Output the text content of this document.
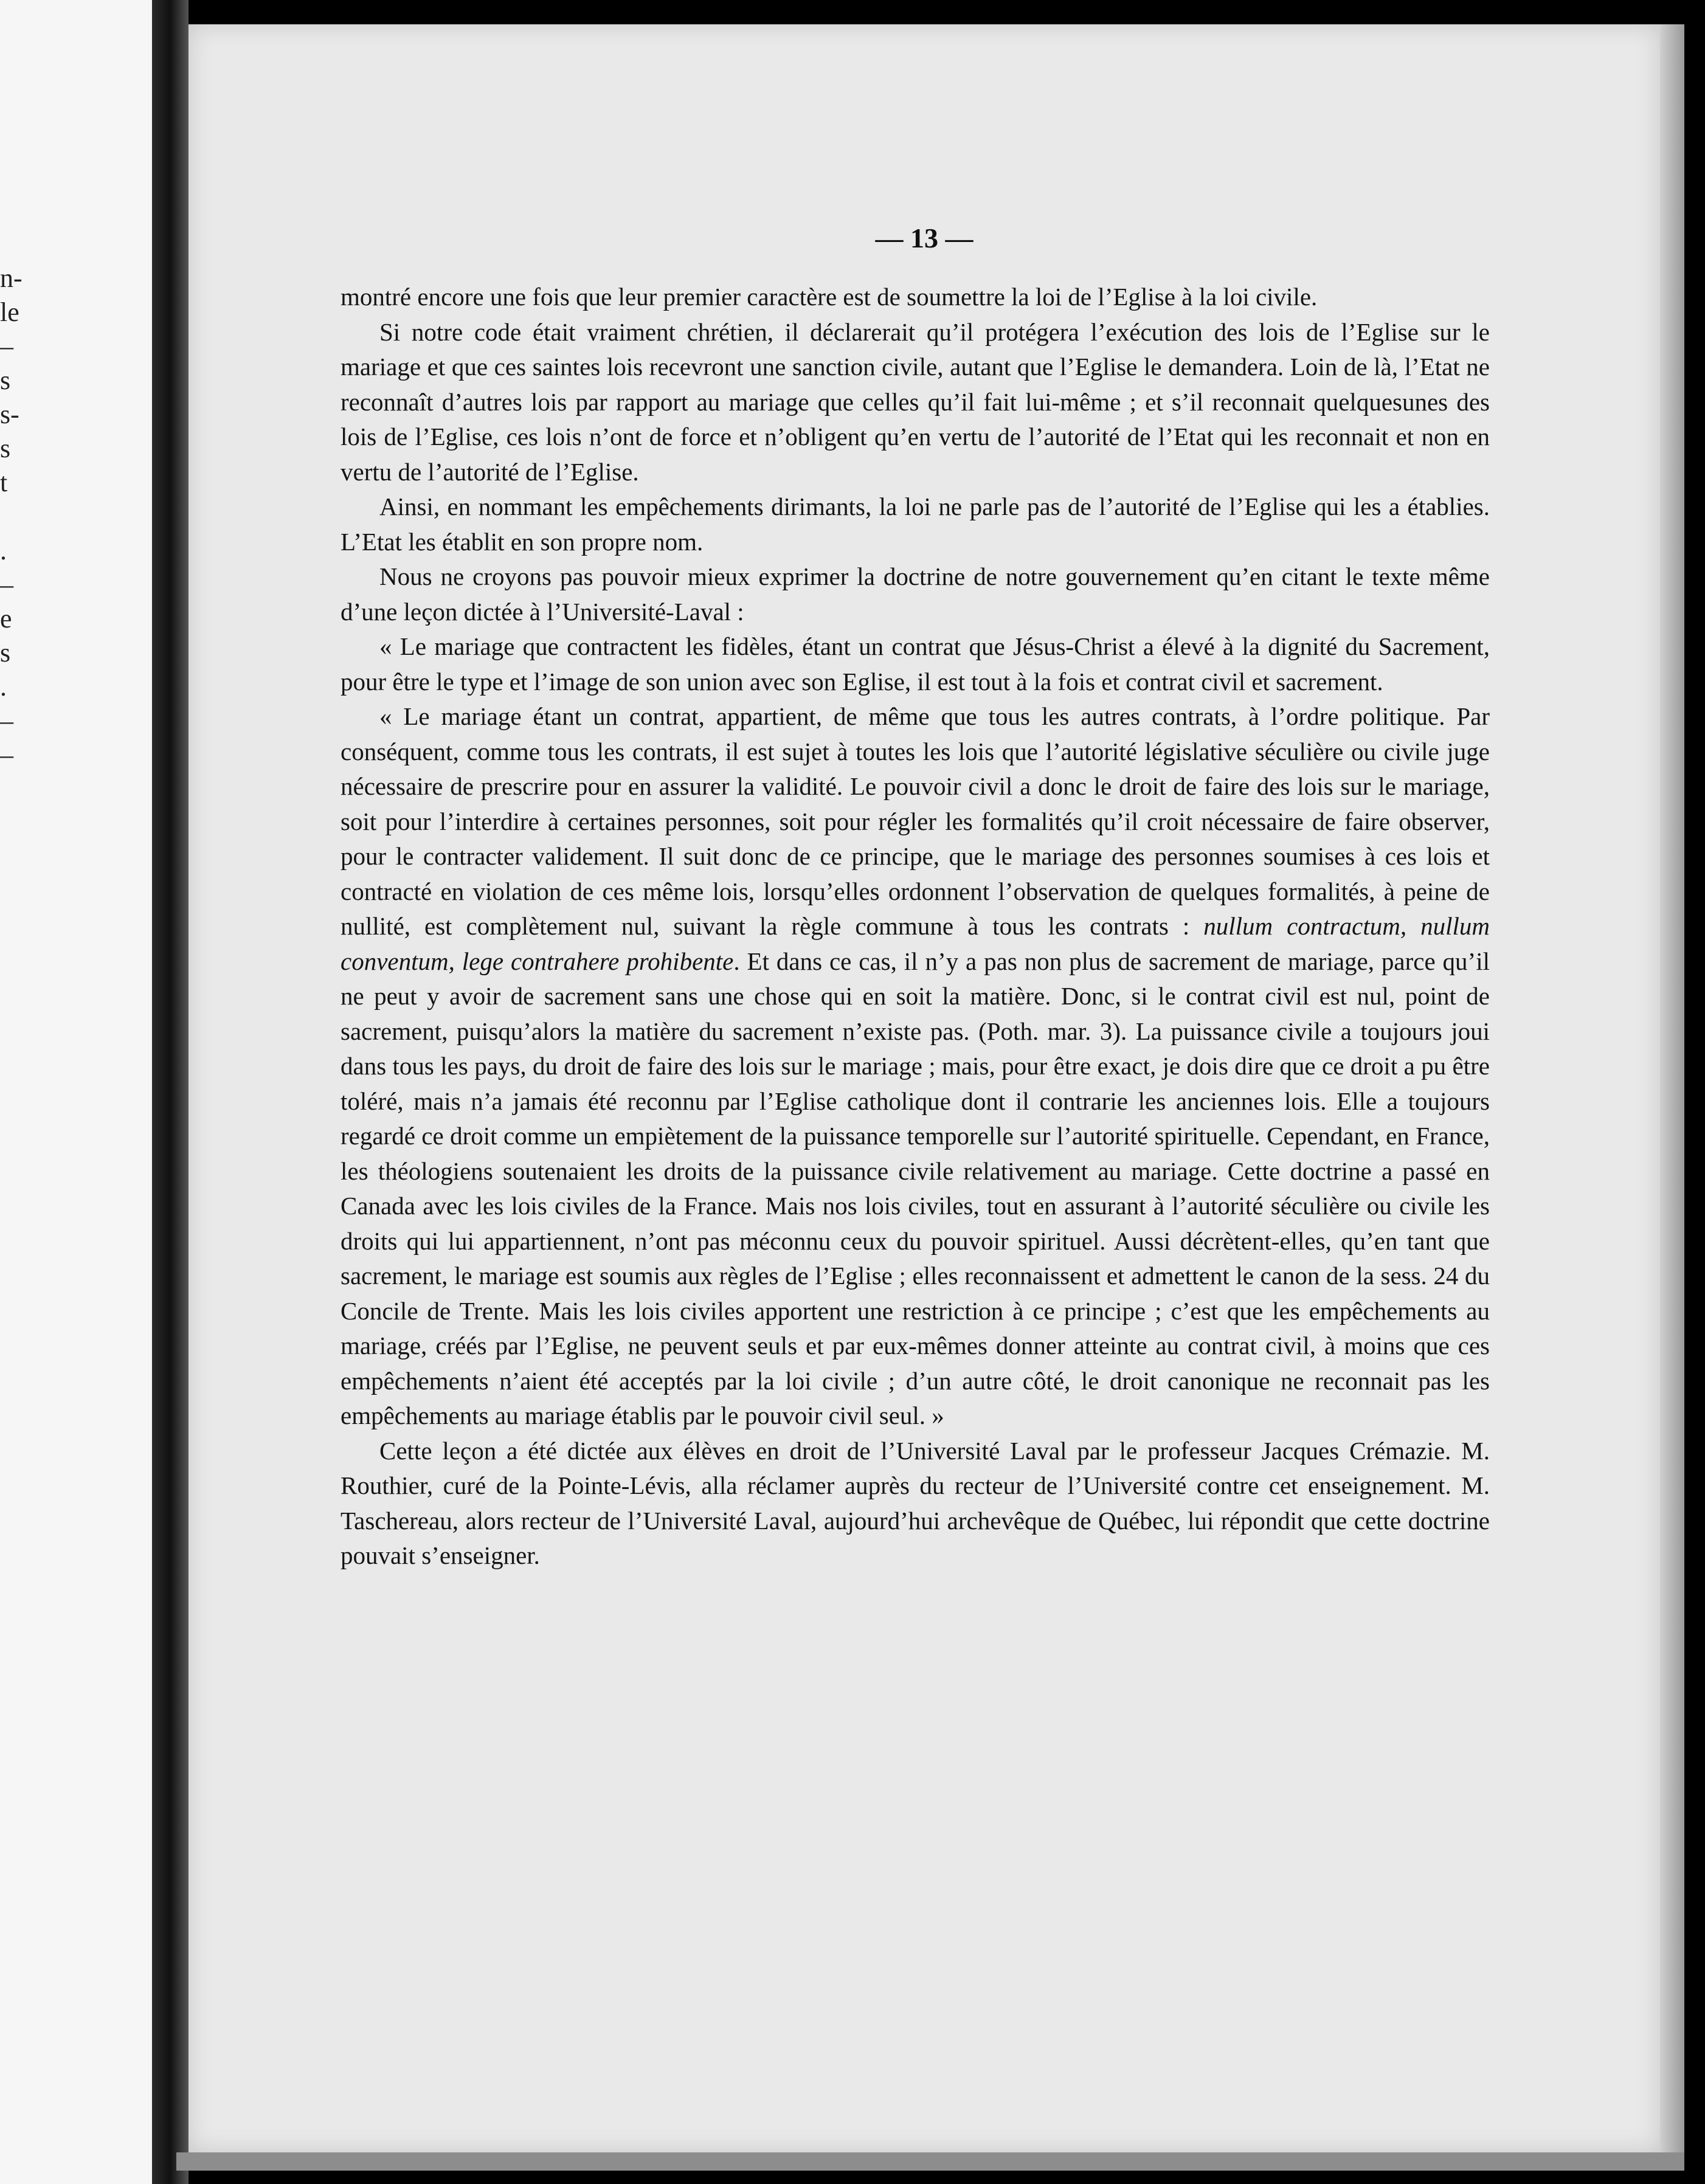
n-
le
–
s
s-
s
t

.
–
e
s
.
–
–
— 13 —

montré encore une fois que leur premier caractère est de soumettre la loi de l’Eglise à la loi civile.

Si notre code était vraiment chrétien, il déclarerait qu’il protégera l’exécution des lois de l’Eglise sur le mariage et que ces saintes lois recevront une sanction civile, autant que l’Eglise le demandera. Loin de là, l’Etat ne reconnaît d’autres lois par rapport au mariage que celles qu’il fait lui-même ; et s’il reconnait quelquesunes des lois de l’Eglise, ces lois n’ont de force et n’obligent qu’en vertu de l’autorité de l’Etat qui les reconnait et non en vertu de l’autorité de l’Eglise.

Ainsi, en nommant les empêchements dirimants, la loi ne parle pas de l’autorité de l’Eglise qui les a établies. L’Etat les établit en son propre nom.

Nous ne croyons pas pouvoir mieux exprimer la doctrine de notre gouvernement qu’en citant le texte même d’une leçon dictée à l’Université-Laval :

« Le mariage que contractent les fidèles, étant un contrat que Jésus-Christ a élevé à la dignité du Sacrement, pour être le type et l’image de son union avec son Eglise, il est tout à la fois et contrat civil et sacrement.

« Le mariage étant un contrat, appartient, de même que tous les autres contrats, à l’ordre politique. Par conséquent, comme tous les contrats, il est sujet à toutes les lois que l’autorité législative séculière ou civile juge nécessaire de prescrire pour en assurer la validité. Le pouvoir civil a donc le droit de faire des lois sur le mariage, soit pour l’interdire à certaines personnes, soit pour régler les formalités qu’il croit nécessaire de faire observer, pour le contracter validement. Il suit donc de ce principe, que le mariage des personnes soumises à ces lois et contracté en violation de ces même lois, lorsqu’elles ordonnent l’observation de quelques formalités, à peine de nullité, est complètement nul, suivant la règle commune à tous les contrats : nullum contractum, nullum conventum, lege contrahere prohibente. Et dans ce cas, il n’y a pas non plus de sacrement de mariage, parce qu’il ne peut y avoir de sacrement sans une chose qui en soit la matière. Donc, si le contrat civil est nul, point de sacrement, puisqu’alors la matière du sacrement n’existe pas. (Poth. mar. 3). La puissance civile a toujours joui dans tous les pays, du droit de faire des lois sur le mariage ; mais, pour être exact, je dois dire que ce droit a pu être toléré, mais n’a jamais été reconnu par l’Eglise catholique dont il contrarie les anciennes lois. Elle a toujours regardé ce droit comme un empiètement de la puissance temporelle sur l’autorité spirituelle. Cependant, en France, les théologiens soutenaient les droits de la puissance civile relativement au mariage. Cette doctrine a passé en Canada avec les lois civiles de la France. Mais nos lois civiles, tout en assurant à l’autorité séculière ou civile les droits qui lui appartiennent, n’ont pas méconnu ceux du pouvoir spirituel. Aussi décrètent-elles, qu’en tant que sacrement, le mariage est soumis aux règles de l’Eglise ; elles reconnaissent et admettent le canon de la sess. 24 du Concile de Trente. Mais les lois civiles apportent une restriction à ce principe ; c’est que les empêchements au mariage, créés par l’Eglise, ne peuvent seuls et par eux-mêmes donner atteinte au contrat civil, à moins que ces empêchements n’aient été acceptés par la loi civile ; d’un autre côté, le droit canonique ne reconnait pas les empêchements au mariage établis par le pouvoir civil seul. »

Cette leçon a été dictée aux élèves en droit de l’Université Laval par le professeur Jacques Crémazie. M. Routhier, curé de la Pointe-Lévis, alla réclamer auprès du recteur de l’Université contre cet enseignement. M. Taschereau, alors recteur de l’Université Laval, aujourd’hui archevêque de Québec, lui répondit que cette doctrine pouvait s’enseigner.
